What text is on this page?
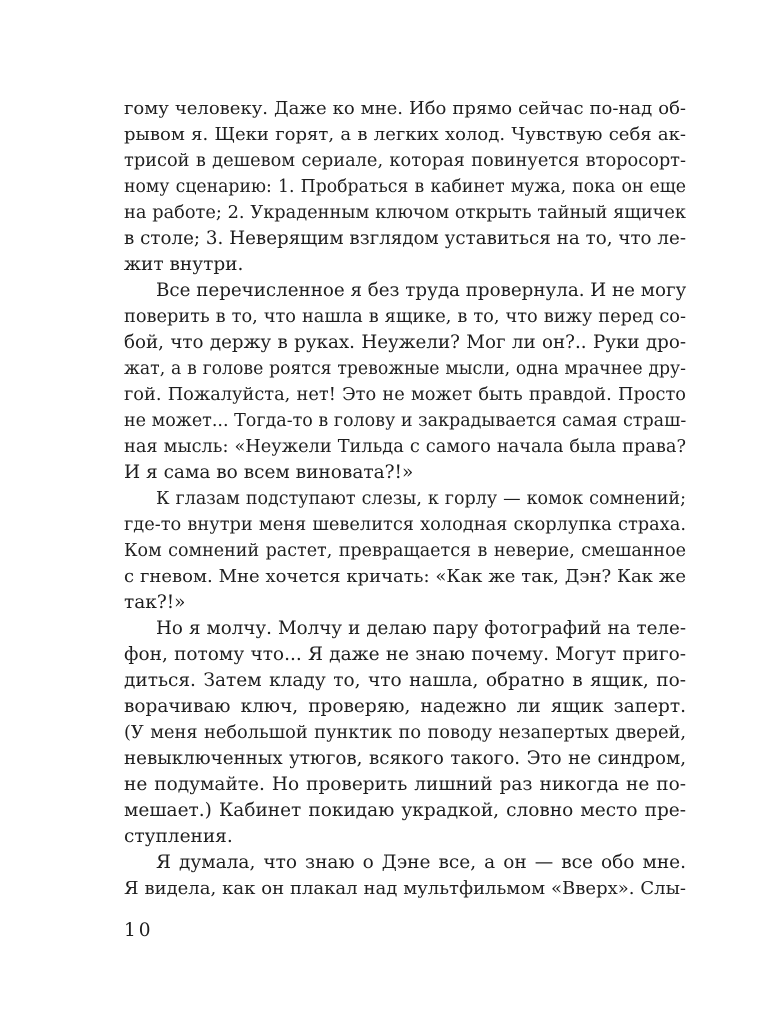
гому человеку. Даже ко мне. Ибо прямо сейчас по-над об-
рывом я. Щеки горят, а в легких холод. Чувствую себя ак-
трисой в дешевом сериале, которая повинуется второсорт-
ному сценарию: 1. Пробраться в кабинет мужа, пока он еще
на работе; 2. Украденным ключом открыть тайный ящичек
в столе; 3. Неверящим взглядом уставиться на то, что ле-
жит внутри.
Все перечисленное я без труда провернула. И не могу
поверить в то, что нашла в ящике, в то, что вижу перед со-
бой, что держу в руках. Неужели? Мог ли он?.. Руки дро-
жат, а в голове роятся тревожные мысли, одна мрачнее дру-
гой. Пожалуйста, нет! Это не может быть правдой. Просто
не может... Тогда-то в голову и закрадывается самая страш-
ная мысль: «Неужели Тильда с самого начала была права?
И я сама во всем виновата?!»
К глазам подступают слезы, к горлу — комок сомнений;
где-то внутри меня шевелится холодная скорлупка страха.
Ком сомнений растет, превращается в неверие, смешанное
с гневом. Мне хочется кричать: «Как же так, Дэн? Как же
так?!»
Но я молчу. Молчу и делаю пару фотографий на теле-
фон, потому что... Я даже не знаю почему. Могут приго-
диться. Затем кладу то, что нашла, обратно в ящик, по-
ворачиваю ключ, проверяю, надежно ли ящик заперт.
(У меня небольшой пунктик по поводу незапертых дверей,
невыключенных утюгов, всякого такого. Это не синдром,
не подумайте. Но проверить лишний раз никогда не по-
мешает.) Кабинет покидаю украдкой, словно место пре-
ступления.
Я думала, что знаю о Дэне все, а он — все обо мне.
Я видела, как он плакал над мультфильмом «Вверх». Слы-
10
